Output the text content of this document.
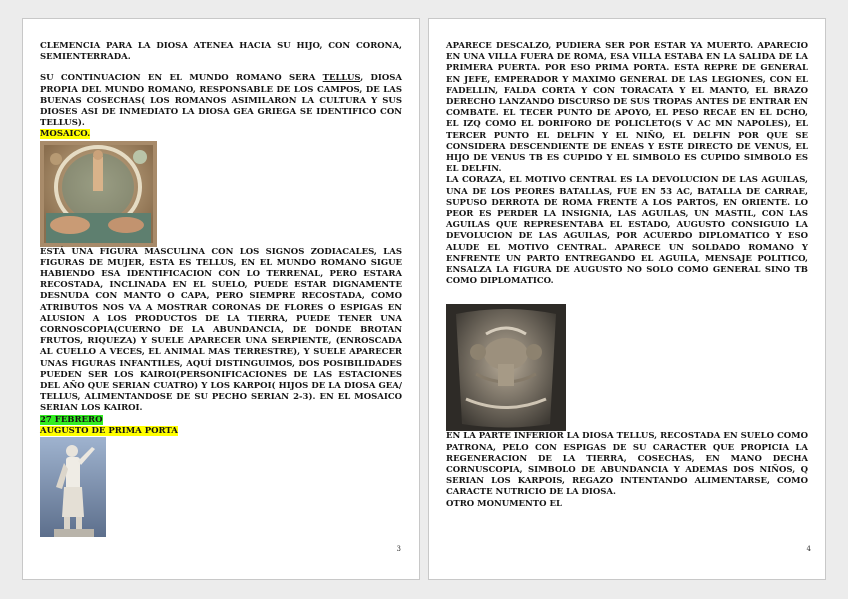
CLEMENCIA PARA LA DIOSA ATENEA HACIA SU HIJO, CON CORONA, SEMIENTERRADA.

SU CONTINUACION EN EL MUNDO ROMANO SERA TELLUS, DIOSA PROPIA DEL MUNDO ROMANO, RESPONSABLE DE LOS CAMPOS, DE LAS BUENAS COSECHAS( LOS ROMANOS ASIMILARON LA CULTURA Y SUS DIOSES ASI DE INMEDIATO LA DIOSA GEA GRIEGA SE IDENTIFICO CON TELLUS).

MOSAICO.

ESTÁ UNA FIGURA MASCULINA CON LOS SIGNOS ZODIACALES, LAS FIGURAS DE MUJER, ESTA ES TELLUS, EN EL MUNDO ROMANO SIGUE HABIENDO ESA IDENTIFICACION CON LO TERRENAL, PERO ESTARA RECOSTADA, INCLINADA EN EL SUELO, PUEDE ESTAR DIGNAMENTE DESNUDA CON MANTO O CAPA, PERO SIEMPRE RECOSTADA, COMO ATRIBUTOS NOS VA A MOSTRAR CORONAS DE FLORES O ESPIGAS EN ALUSION A LOS PRODUCTOS DE LA TIERRA, PUEDE TENER UNA CORNOSCOPIA(CUERNO DE LA ABUNDANCIA, DE DONDE BROTAN FRUTOS, RIQUEZA) Y SUELE APARECER UNA SERPIENTE, (ENROSCADA AL CUELLO A VECES, EL ANIMAL MAS TERRESTRE), Y SUELE APARECER UNAS FIGURAS INFANTILES, AQUÍ DISTINGUIMOS, DOS POSIBILIDADES PUEDEN SER LOS KAIROI(PERSONIFICACIONES DE LAS ESTACIONES DEL AÑO QUE SERIAN CUATRO) Y LOS KARPOI( HIJOS DE LA DIOSA GEA/ TELLUS, ALIMENTANDOSE DE SU PECHO SERIAN 2-3). EN EL MOSAICO SERIAN LOS KAIROI.

27 FEBRERO

AUGUSTO DE PRIMA PORTA

3

APARECE DESCALZO, PUDIERA SER POR ESTAR YA MUERTO. APARECIO EN UNA VILLA FUERA DE ROMA, ESA VILLA ESTABA EN LA SALIDA DE LA PRIMERA PUERTA. POR ESO PRIMA PORTA. ESTA REPRE DE GENERAL EN JEFE, EMPERADOR Y MAXIMO GENERAL DE LAS LEGIONES, CON EL FADELLIN, FALDA CORTA Y CON TORACATA Y EL MANTO, EL BRAZO DERECHO LANZANDO DISCURSO DE SUS TROPAS ANTES DE ENTRAR EN COMBATE. EL TECER PUNTO DE APOYO, EL PESO RECAE EN EL DCHO, EL IZQ COMO EL DORIFORO DE POLICLETO(S V AC MN NAPOLES), EL TERCER PUNTO EL DELFIN Y EL NIÑO, EL DELFIN POR QUE SE CONSIDERA DESCENDIENTE DE ENEAS Y ESTE DIRECTO DE VENUS, EL HIJO DE VENUS TB ES CUPIDO Y EL SIMBOLO ES CUPIDO SIMBOLO ES EL DELFIN.

LA CORAZA, EL MOTIVO CENTRAL ES LA DEVOLUCION DE LAS AGUILAS, UNA DE LOS PEORES BATALLAS, FUE EN 53 AC, BATALLA DE CARRAE, SUPUSO DERROTA DE ROMA FRENTE A LOS PARTOS, EN ORIENTE. LO PEOR ES PERDER LA INSIGNIA, LAS AGUILAS, UN MASTIL, CON LAS AGUILAS QUE REPRESENTABA EL ESTADO, AUGUSTO CONSIGUIO LA DEVOLUCION DE LAS AGUILAS, POR ACUERDO DIPLOMATICO Y ESO ALUDE EL MOTIVO CENTRAL. APARECE UN SOLDADO ROMANO Y ENFRENTE UN PARTO ENTREGANDO EL AGUILA, MENSAJE POLITICO, ENSALZA LA FIGURA DE AUGUSTO NO SOLO COMO GENERAL SINO TB COMO DIPLOMATICO.

EN LA PARTE INFERIOR LA DIOSA TELLUS, RECOSTADA EN SUELO COMO PATRONA, PELO CON ESPIGAS DE SU CARACTER QUE PROPICIA LA REGENERACION DE LA TIERRA, COSECHAS, EN MANO DECHA CORNUSCOPIA, SIMBOLO DE ABUNDANCIA Y ADEMAS DOS NIÑOS, Q SERIAN LOS KARPOIS, REGAZO INTENTANDO ALIMENTARSE, COMO CARACTE NUTRICIO DE LA DIOSA.

OTRO MONUMENTO EL

4
